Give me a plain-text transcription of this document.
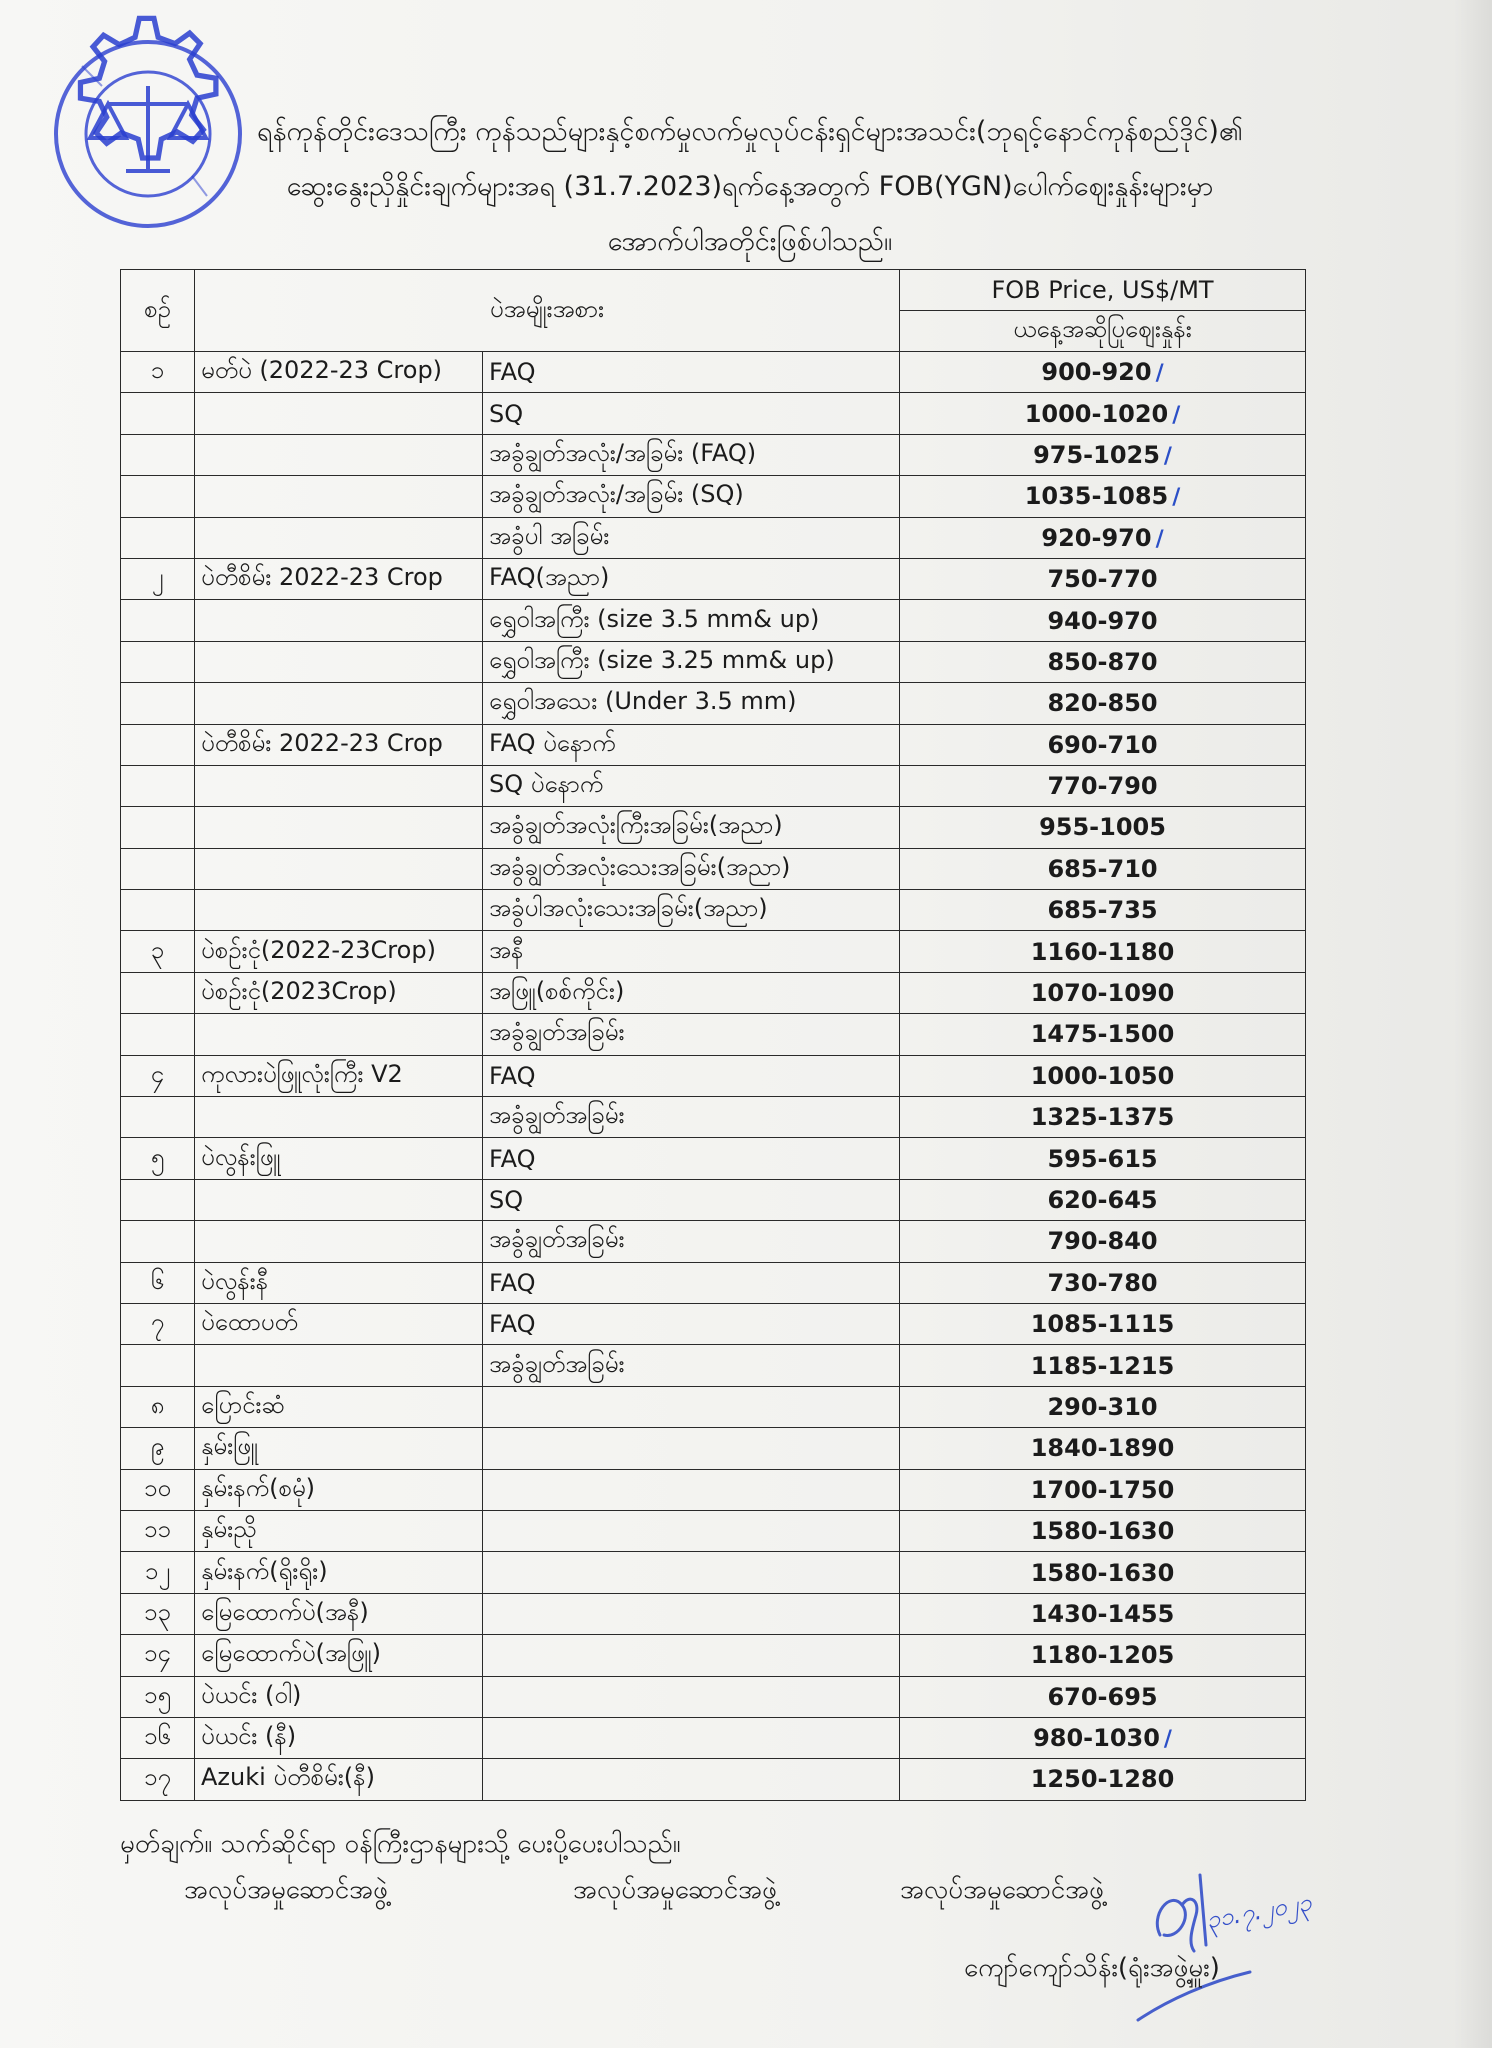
ရန်ကုန်တိုင်းဒေသကြီး ကုန်သည်များနှင့်စက်မှုလက်မှုလုပ်ငန်းရှင်များအသင်း(ဘုရင့်နောင်ကုန်စည်ဒိုင်)၏
ဆွေးနွေးညှိနှိုင်းချက်များအရ (31.7.2023)ရက်နေ့အတွက် FOB(YGN)ပေါက်ဈေးနှုန်းများမှာ
အောက်ပါအတိုင်းဖြစ်ပါသည်။
စဉ်	ပဲအမျိုးအစား		FOB Price, US$/MT
			ယနေ့အဆိုပြုဈေးနှုန်း
၁	မတ်ပဲ (2022-23 Crop)	FAQ	900-920 /
		SQ	1000-1020 /
		အခွံချွတ်အလုံး/အခြမ်း (FAQ)	975-1025 /
		အခွံချွတ်အလုံး/အခြမ်း (SQ)	1035-1085 /
		အခွံပါ အခြမ်း	920-970 /
၂	ပဲတီစိမ်း 2022-23 Crop	FAQ(အညာ)	750-770
		ရွှေဝါအကြီး (size 3.5 mm& up)	940-970
		ရွှေဝါအကြီး (size 3.25 mm& up)	850-870
		ရွှေဝါအသေး (Under 3.5 mm)	820-850
	ပဲတီစိမ်း 2022-23 Crop	FAQ ပဲနောက်	690-710
		SQ ပဲနောက်	770-790
		အခွံချွတ်အလုံးကြီးအခြမ်း(အညာ)	955-1005
		အခွံချွတ်အလုံးသေးအခြမ်း(အညာ)	685-710
		အခွံပါအလုံးသေးအခြမ်း(အညာ)	685-735
၃	ပဲစဉ်းငုံ(2022-23Crop)	အနီ	1160-1180
	ပဲစဉ်းငုံ(2023Crop)	အဖြူ(စစ်ကိုင်း)	1070-1090
		အခွံချွတ်အခြမ်း	1475-1500
၄	ကုလားပဲဖြူလုံးကြီး V2	FAQ	1000-1050
		အခွံချွတ်အခြမ်း	1325-1375
၅	ပဲလွန်းဖြူ	FAQ	595-615
		SQ	620-645
		အခွံချွတ်အခြမ်း	790-840
၆	ပဲလွန်းနီ	FAQ	730-780
၇	ပဲထောပတ်	FAQ	1085-1115
		အခွံချွတ်အခြမ်း	1185-1215
၈	ပြောင်းဆံ		290-310
၉	နှမ်းဖြူ		1840-1890
၁၀	နှမ်းနက်(စမုံ)		1700-1750
၁၁	နှမ်းညို		1580-1630
၁၂	နှမ်းနက်(ရိုးရိုး)		1580-1630
၁၃	မြေထောက်ပဲ(အနီ)		1430-1455
၁၄	မြေထောက်ပဲ(အဖြူ)		1180-1205
၁၅	ပဲယင်း (ဝါ)		670-695
၁၆	ပဲယင်း (နီ)		980-1030 /
၁၇	Azuki ပဲတီစိမ်း(နီ)		1250-1280
မှတ်ချက်။ သက်ဆိုင်ရာ ဝန်ကြီးဌာနများသို့ ပေးပို့ပေးပါသည်။
အလုပ်အမှုဆောင်အဖွဲ့	အလုပ်အမှုဆောင်အဖွဲ့	အလုပ်အမှုဆောင်အဖွဲ့	၃၁.၇.၂၀၂၃
ကျော်ကျော်သိန်း(ရုံးအဖွဲ့မှူး)
